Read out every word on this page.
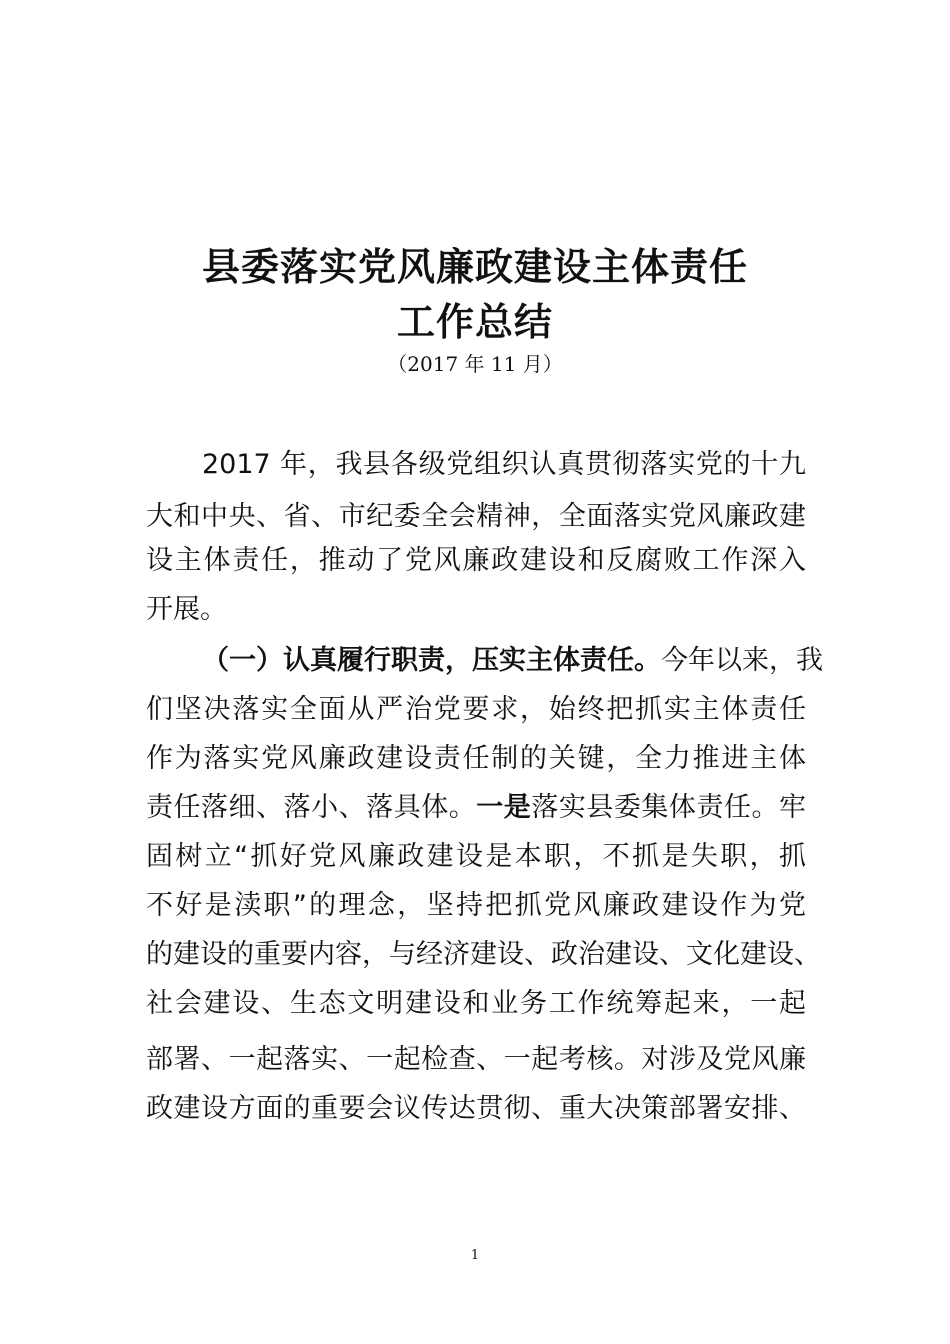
县委落实党风廉政建设主体责任
工作总结
（2017 年 11 月）
2017 年，我县各级党组织认真贯彻落实党的十九
大和中央、省、市纪委全会精神，全面落实党风廉政建
设主体责任，推动了党风廉政建设和反腐败工作深入
开展。
（一）认真履行职责，压实主体责任。今年以来，我
们坚决落实全面从严治党要求，始终把抓实主体责任
作为落实党风廉政建设责任制的关键，全力推进主体
责任落细、落小、落具体。一是落实县委集体责任。牢
固树立“抓好党风廉政建设是本职，不抓是失职，抓
不好是渎职”的理念，坚持把抓党风廉政建设作为党
的建设的重要内容，与经济建设、政治建设、文化建设、
社会建设、生态文明建设和业务工作统筹起来，一起
部署、一起落实、一起检查、一起考核。对涉及党风廉
政建设方面的重要会议传达贯彻、重大决策部署安排、
1
